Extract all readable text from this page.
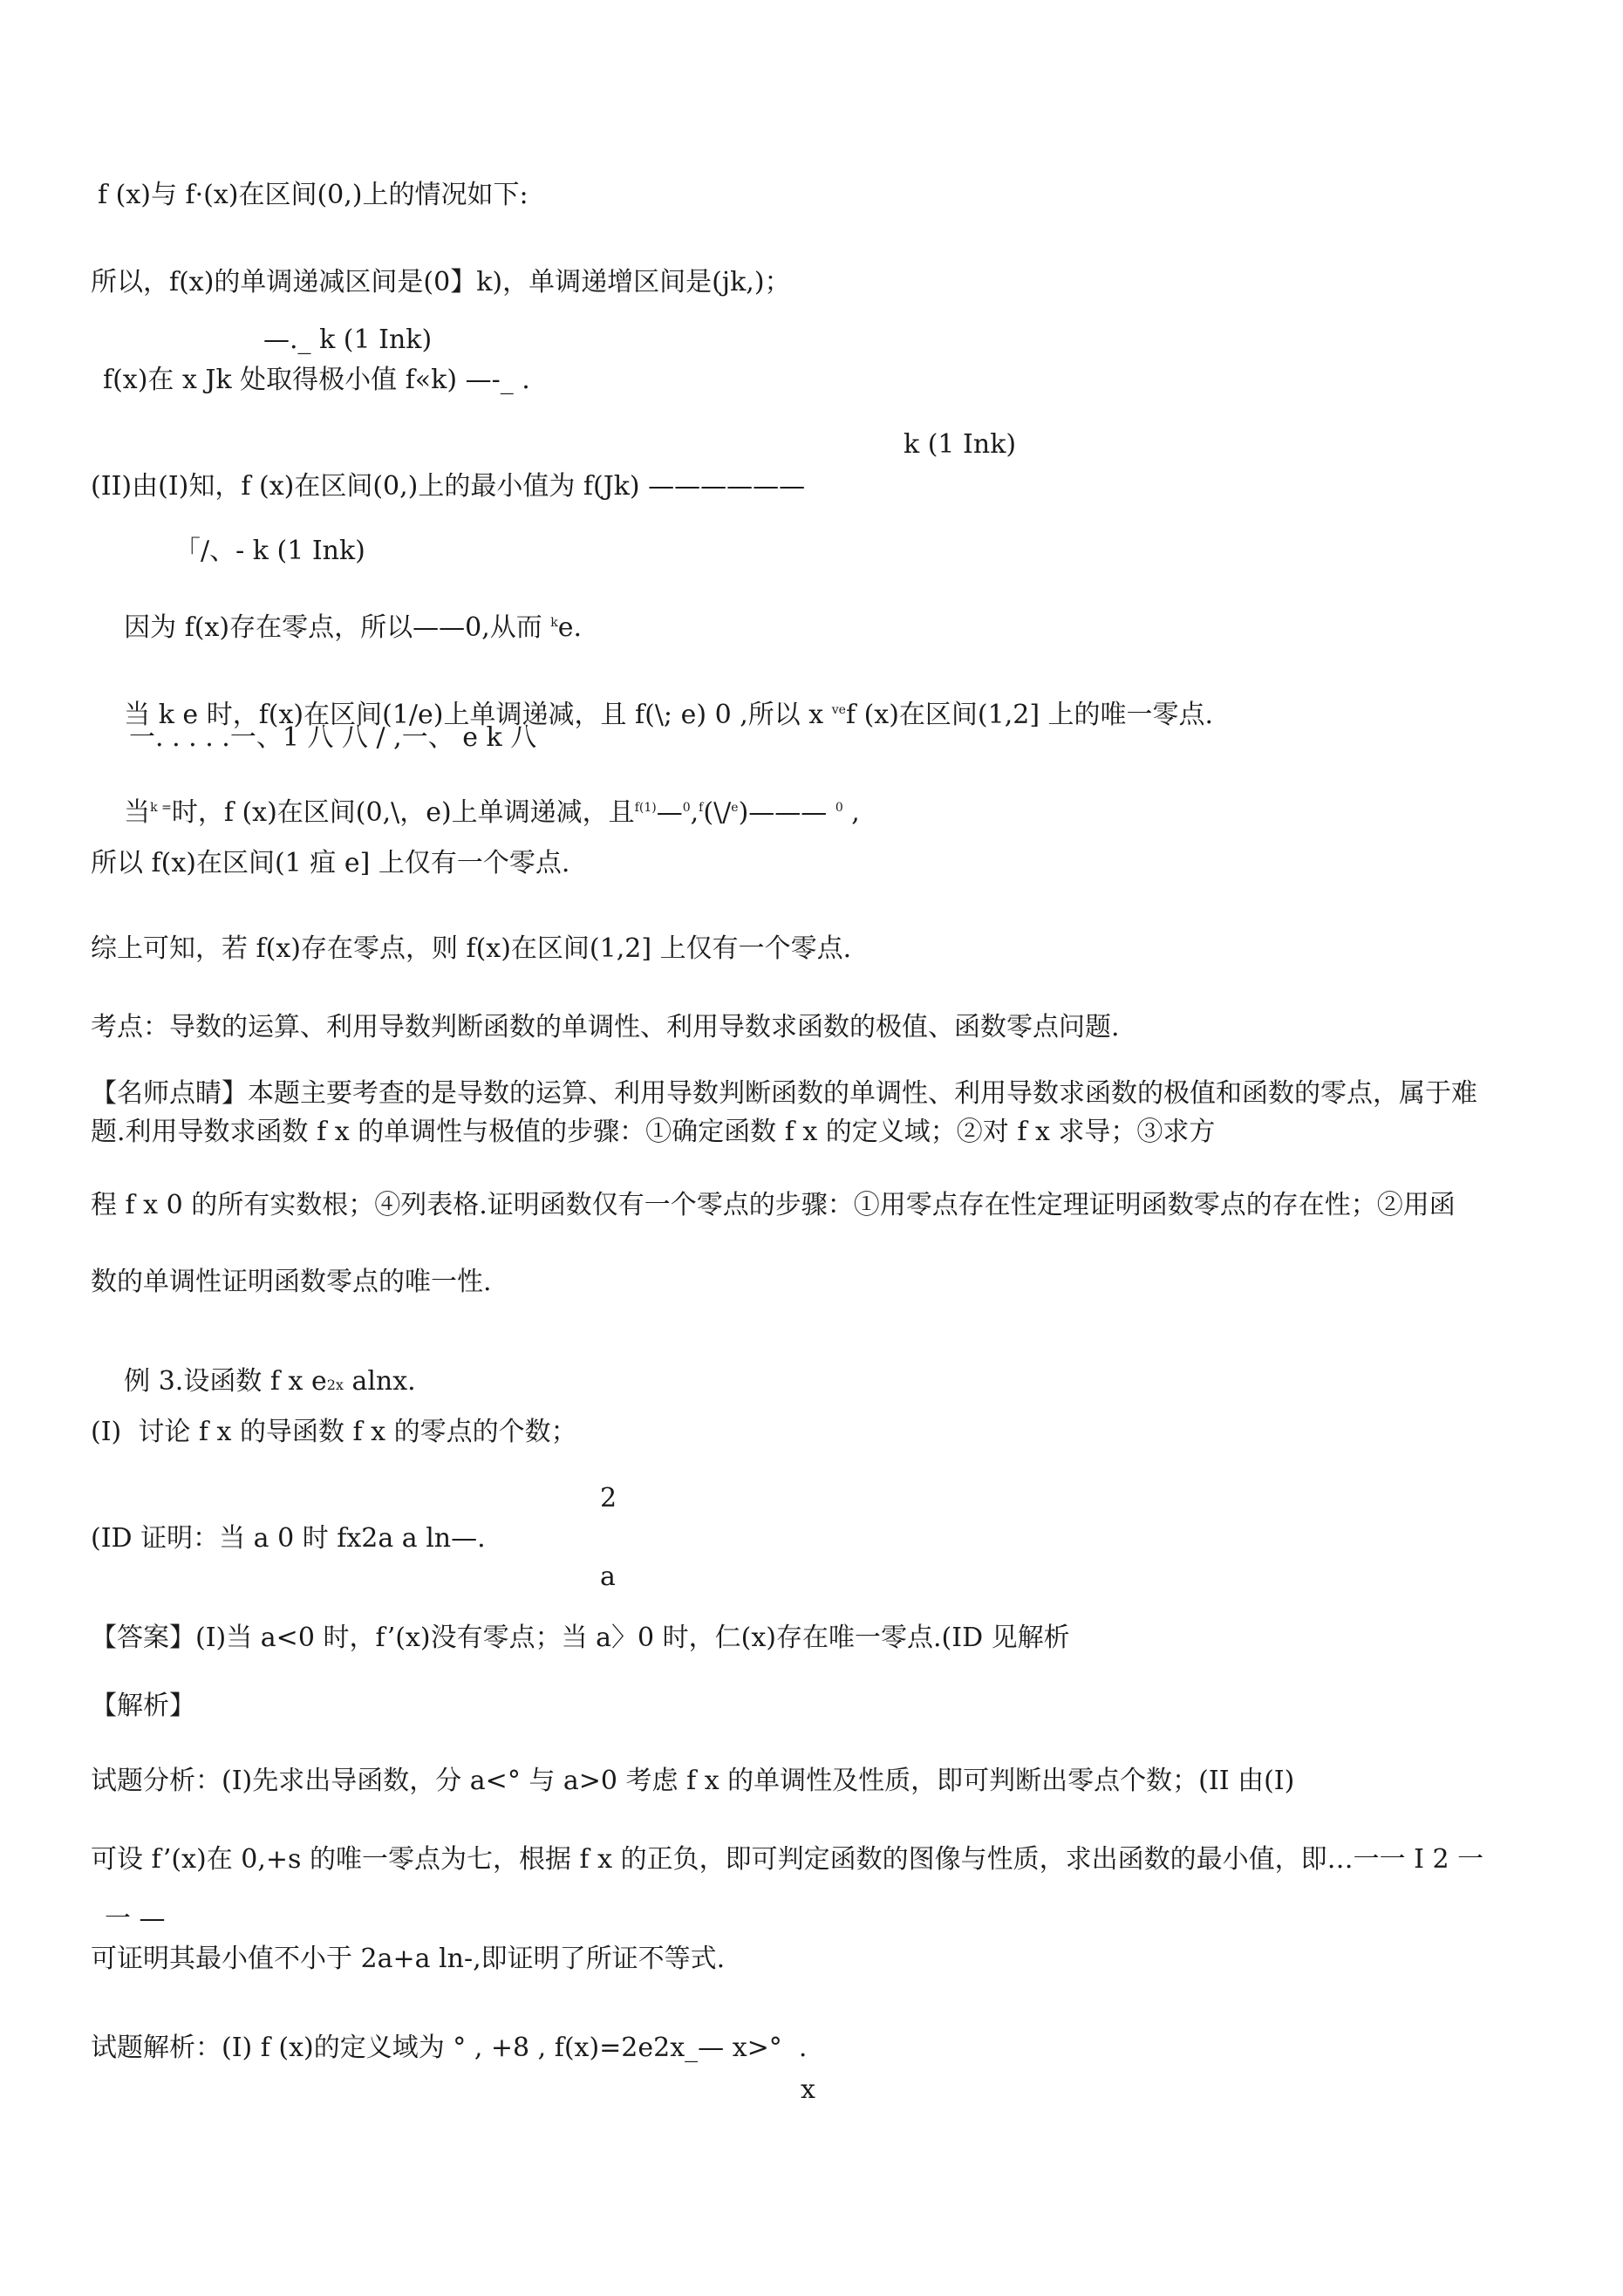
f (x)与 f·(x)在区间(0,)上的情况如下:
所以，f(x)的单调递减区间是(0】k)，单调递增区间是(jk,)；
—._ k (1 Ink)
f(x)在 x Jk 处取得极小值 f«k) —-_ .
k (1 Ink)
(II)由(I)知，f (x)在区间(0,)上的最小值为 f(Jk) ——————
「/、- k (1 Ink)

因为 f(x)存在零点，所以——0,从而 $^k$e.

当 k e 时，f(x)在区间(1/e)上单调递减，且 f(\; e) 0 ,所以 x $^{ve}$f (x)在区间(1,2] 上的唯一零点.

一. . . . .一、1 八 八 / ,一、 e k 八

当$^{k =}$时，f (x)在区间(0,\，e)上单调递减，且$^{f(1)}$—$^0$,$^f$(\/$^e$)——— $^0$ ,

所以 f(x)在区间(1 疽 e] 上仅有一个零点.
综上可知，若 f(x)存在零点，则 f(x)在区间(1,2] 上仅有一个零点.
考点：导数的运算、利用导数判断函数的单调性、利用导数求函数的极值、函数零点问题.
【名师点睛】本题主要考查的是导数的运算、利用导数判断函数的单调性、利用导数求函数的极值和函数的零点，属于难
题.利用导数求函数 f x 的单调性与极值的步骤：①确定函数 f x 的定义域；②对 f x 求导；③求方
程 f x 0 的所有实数根；④列表格.证明函数仅有一个零点的步骤：①用零点存在性定理证明函数零点的存在性；②用函
数的单调性证明函数零点的唯一性.

例 3.设函数 f x e2x alnx.

(I)  讨论 f x 的导函数 f x 的零点的个数；
2
(ID 证明：当 a 0 时 fx2a a ln—.
a
【答案】(I)当 a<0 时，f’(x)没有零点；当 a〉0 时，仁(x)存在唯一零点.(ID 见解析
【解析】
试题分析：(I)先求出导函数，分 a<° 与 a>0 考虑 f x 的单调性及性质，即可判断出零点个数；(II 由(I)
可设 f’(x)在 0,+s 的唯一零点为七，根据 f x 的正负，即可判定函数的图像与性质，求出函数的最小值，即…一一 I 2 一
一 —
可证明其最小值不小于 2a+a ln-,即证明了所证不等式.
试题解析：(I) f (x)的定义域为 ° , +8 , f(x)=2e2x_— x>°  .
x
